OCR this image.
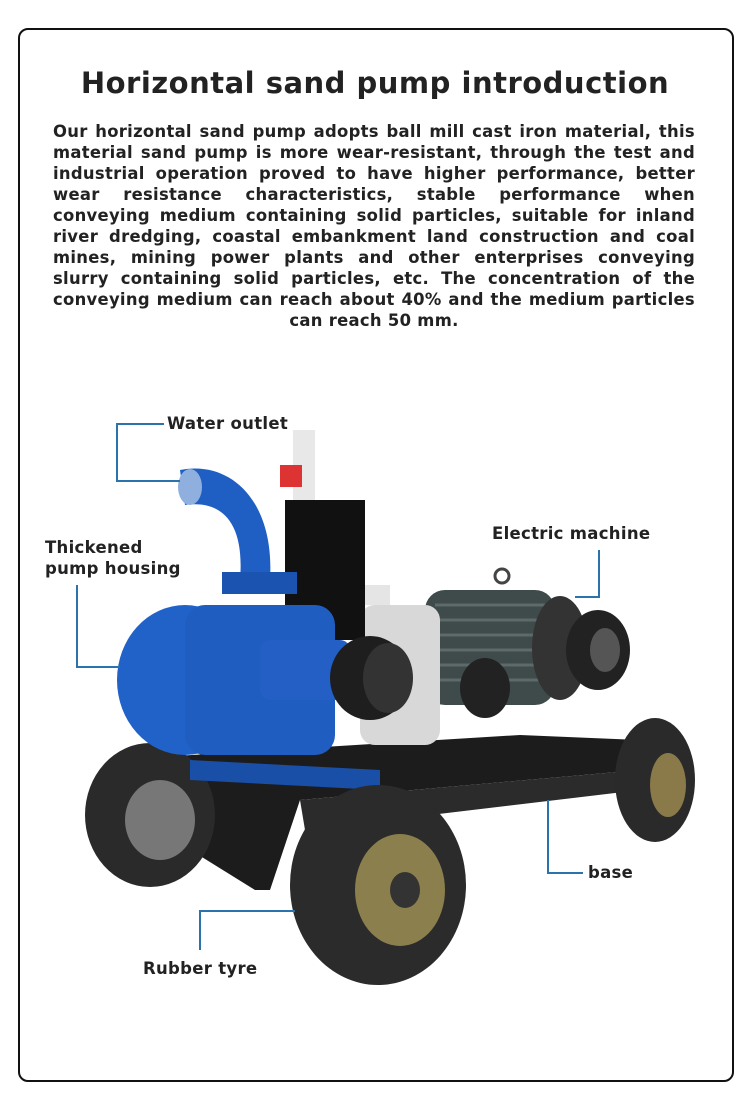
Horizontal sand pump introduction
Our horizontal sand pump adopts ball mill cast iron material, this material sand pump is more wear-resistant, through the test and industrial operation proved to have higher performance, better wear resistance characteristics, stable performance when conveying medium containing solid particles, suitable for inland river dredging, coastal embankment land construction and coal mines, mining power plants and other enterprises conveying slurry containing solid particles, etc. The concentration of the conveying medium can reach about 40% and the medium particles can reach 50 mm.
Water outlet
Thickened
pump housing
Electric machine
base
Rubber tyre
